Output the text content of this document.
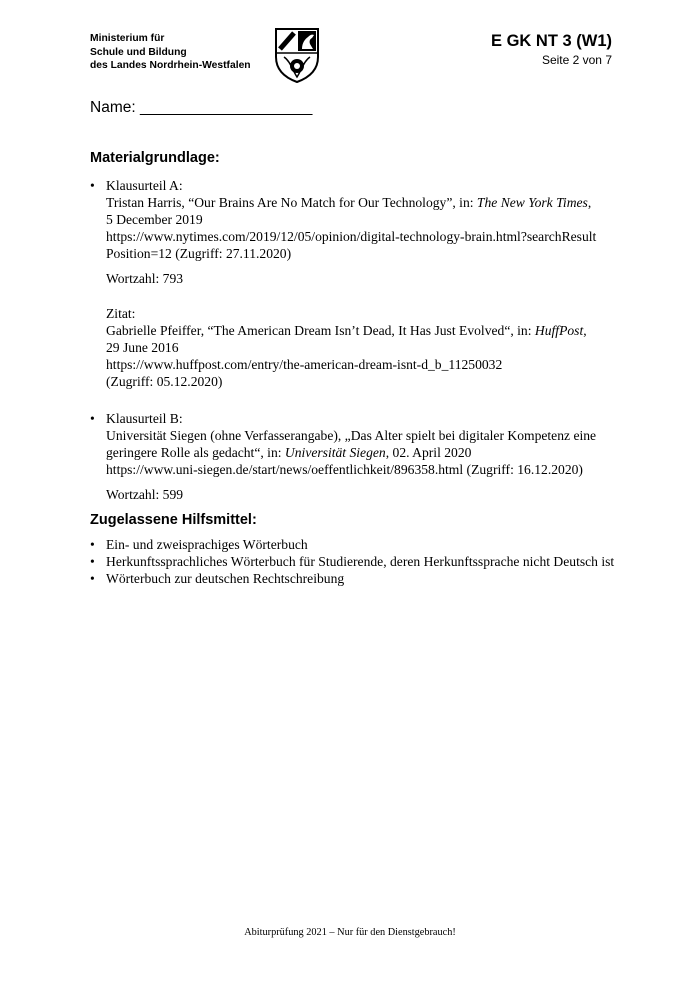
Ministerium für
Schule und Bildung
des Landes Nordrhein-Westfalen
E GK NT 3 (W1)
Seite 2 von 7
Name: ____________________
Materialgrundlage:
• Klausurteil A:
Tristan Harris, “Our Brains Are No Match for Our Technology”, in: The New York Times,
5 December 2019
https://www.nytimes.com/2019/12/05/opinion/digital-technology-brain.html?searchResult
Position=12 (Zugriff: 27.11.2020)
Wortzahl: 793
Zitat:
Gabrielle Pfeiffer, “The American Dream Isn’t Dead, It Has Just Evolved“, in: HuffPost,
29 June 2016
https://www.huffpost.com/entry/the-american-dream-isnt-d_b_11250032
(Zugriff: 05.12.2020)
• Klausurteil B:
Universität Siegen (ohne Verfasserangabe), „Das Alter spielt bei digitaler Kompetenz eine
geringere Rolle als gedacht“, in: Universität Siegen, 02. April 2020
https://www.uni-siegen.de/start/news/oeffentlichkeit/896358.html (Zugriff: 16.12.2020)
Wortzahl: 599
Zugelassene Hilfsmittel:
• Ein- und zweisprachiges Wörterbuch
• Herkunftssprachliches Wörterbuch für Studierende, deren Herkunftssprache nicht Deutsch ist
• Wörterbuch zur deutschen Rechtschreibung
Abiturprüfung 2021 – Nur für den Dienstgebrauch!
